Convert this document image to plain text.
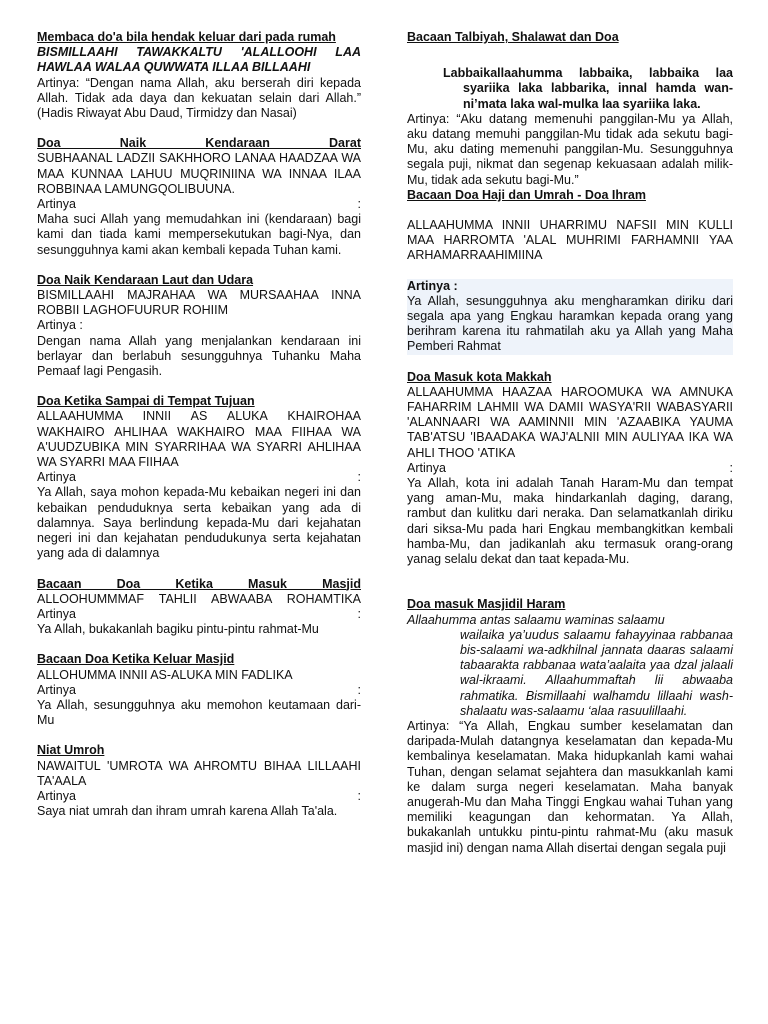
Membaca do'a bila hendak keluar dari pada rumah

BISMILLAAHI TAWAKKALTU 'ALALLOOHI LAA HAWLAA WALAA QUWWATA ILLAA BILLAAHI

Artinya: “Dengan nama Allah, aku berserah diri kepada Allah. Tidak ada daya dan kekuatan selain dari Allah.” (Hadis Riwayat Abu Daud, Tirmidzy dan Nasai)

Doa Naik Kendaraan Darat

SUBHAANAL LADZII SAKHHORO LANAA HAADZAA WA MAA KUNNAA LAHUU MUQRINIINA WA INNAA ILAA ROBBINAA LAMUNGQOLIBUUNA.

Artinya :

Maha suci Allah yang memudahkan ini (kendaraan) bagi kami dan tiada kami mempersekutukan bagi-Nya, dan sesungguhnya kami akan kembali kepada Tuhan kami.

Doa Naik Kendaraan Laut dan Udara

BISMILLAAHI MAJRAHAA WA MURSAAHAA INNA ROBBII LAGHOFUURUR ROHIIM

Artinya :

Dengan nama Allah yang menjalankan kendaraan ini berlayar dan berlabuh sesungguhnya Tuhanku Maha Pemaaf lagi Pengasih.

Doa Ketika Sampai di Tempat Tujuan

ALLAAHUMMA INNII AS ALUKA KHAIROHAA WAKHAIRO AHLIHAA WAKHAIRO MAA FIIHAA WA A'UUDZUBIKA MIN SYARRIHAA WA SYARRI AHLIHAA WA SYARRI MAA FIIHAA

Artinya :

Ya Allah, saya mohon kepada-Mu kebaikan negeri ini dan kebaikan penduduknya serta kebaikan yang ada di dalamnya. Saya berlindung kepada-Mu dari kejahatan negeri ini dan kejahatan pendudukunya serta kejahatan yang ada di dalamnya

Bacaan Doa Ketika Masuk Masjid

ALLOOHUMMMAF TAHLII ABWAABA ROHAMTIKA

Artinya :

Ya Allah, bukakanlah bagiku pintu-pintu rahmat-Mu

Bacaan Doa Ketika Keluar Masjid

ALLOHUMMA INNII AS-ALUKA MIN FADLIKA

Artinya :

Ya Allah, sesungguhnya aku memohon keutamaan dari-Mu

Niat Umroh

NAWAITUL 'UMROTA WA AHROMTU BIHAA LILLAAHI TA'AALA

Artinya :

Saya niat umrah dan ihram umrah karena Allah Ta'ala.

Bacaan Talbiyah, Shalawat dan Doa

Labbaikallaahumma labbaika, labbaika laa syariika laka labbarika, innal hamda wan-ni’mata laka wal-mulka laa syariika laka.

Artinya: “Aku datang memenuhi panggilan-Mu ya Allah, aku datang memuhi panggilan-Mu tidak ada sekutu bagi-Mu, aku dating memenuhi panggilan-Mu. Sesungguhnya segala puji, nikmat dan segenap kekuasaan adalah milik-Mu, tidak ada sekutu bagi-Mu.”

Bacaan Doa Haji dan Umrah - Doa Ihram

ALLAAHUMMA INNII UHARRIMU NAFSII MIN KULLI MAA HARROMTA 'ALAL MUHRIMI FARHAMNII YAA ARHAMARRAAHIMIINA

Artinya :

Ya Allah, sesungguhnya aku mengharamkan diriku dari segala apa yang Engkau haramkan kepada orang yang berihram karena itu rahmatilah aku ya Allah yang Maha Pemberi Rahmat

Doa Masuk kota Makkah

ALLAAHUMMA HAAZAA HAROOMUKA WA AMNUKA FAHARRIM LAHMII WA DAMII WASYA'RII WABASYARII 'ALANNAARI WA AAMINNII MIN 'AZAABIKA YAUMA TAB'ATSU 'IBAADAKA WAJ'ALNII MIN AULIYAA IKA WA AHLI THOO 'ATIKA

Artinya :

Ya Allah, kota ini adalah Tanah Haram-Mu dan tempat yang aman-Mu, maka hindarkanlah daging, darang, rambut dan kulitku dari neraka. Dan selamatkanlah diriku dari siksa-Mu pada hari Engkau membangkitkan kembali hamba-Mu, dan jadikanlah aku termasuk orang-orang yanag selalu dekat dan taat kepada-Mu.

Doa masuk Masjidil Haram

Allaahumma antas salaamu waminas salaamu

wailaika ya’uudus salaamu fahayyinaa rabbanaa bis-salaami wa-adkhilnal jannata daaras salaami tabaarakta rabbanaa wata’aalaita yaa dzal jalaali wal-ikraami. Allaahummaftah lii abwaaba rahmatika. Bismillaahi walhamdu lillaahi wash-shalaatu was-salaamu ‘alaa rasuulillaahi.

Artinya: “Ya Allah, Engkau sumber keselamatan dan daripada-Mulah datangnya keselamatan dan kepada-Mu kembalinya keselamatan. Maka hidupkanlah kami wahai Tuhan, dengan selamat sejahtera dan masukkanlah kami ke dalam surga negeri keselamatan. Maha banyak anugerah-Mu dan Maha Tinggi Engkau wahai Tuhan yang memiliki keagungan dan kehormatan. Ya Allah, bukakanlah untukku pintu-pintu rahmat-Mu (aku masuk masjid ini) dengan nama Allah disertai dengan segala puji
